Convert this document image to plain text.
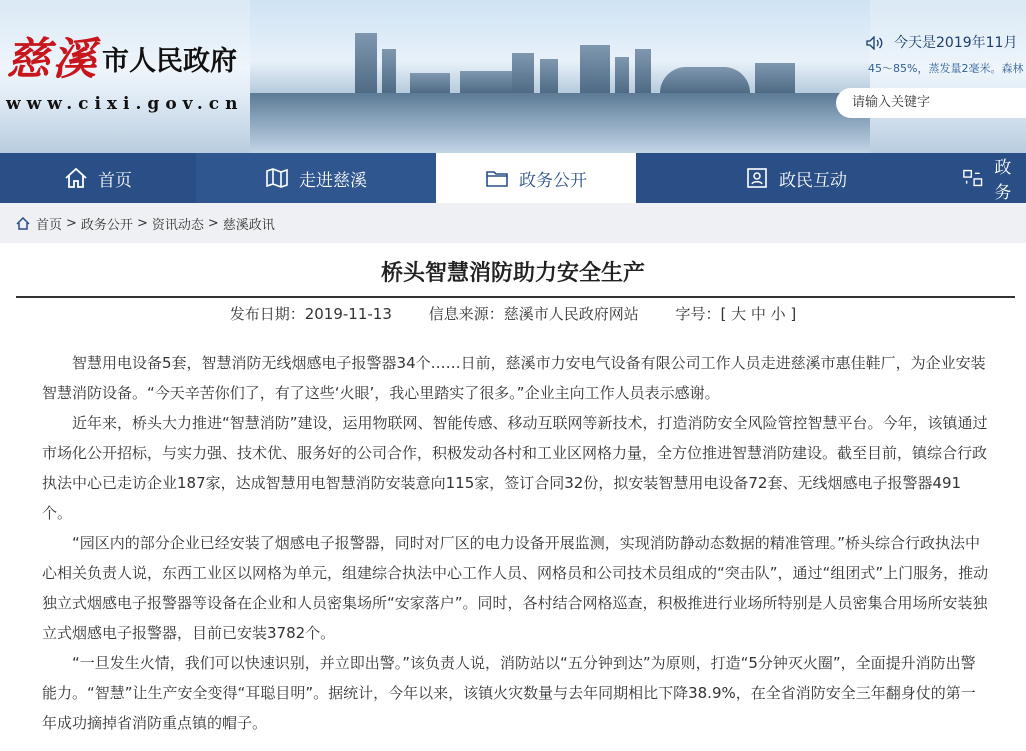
慈溪 市人民政府
www.cixi.gov.cn
今天是2019年11月
45～85%，蒸发量2毫米。森林
请输入关键字
首页	走进慈溪	政务公开	政民互动
政务
首页 > 政务公开 > 资讯动态 > 慈溪政讯
桥头智慧消防助力安全生产
发布日期：2019-11-13 信息来源：慈溪市人民政府网站 字号：[ 大 中 小 ]

智慧用电设备5套，智慧消防无线烟感电子报警器34个……日前，慈溪市力安电气设备有限公司工作人员走进慈溪市惠佳鞋厂，为企业安装智慧消防设备。“今天辛苦你们了，有了这些‘火眼’，我心里踏实了很多。”企业主向工作人员表示感谢。

近年来，桥头大力推进“智慧消防”建设，运用物联网、智能传感、移动互联网等新技术，打造消防安全风险管控智慧平台。今年，该镇通过市场化公开招标，与实力强、技术优、服务好的公司合作，积极发动各村和工业区网格力量，全方位推进智慧消防建设。截至目前，镇综合行政执法中心已走访企业187家，达成智慧用电智慧消防安装意向115家，签订合同32份，拟安装智慧用电设备72套、无线烟感电子报警器491个。

“园区内的部分企业已经安装了烟感电子报警器，同时对厂区的电力设备开展监测，实现消防静动态数据的精准管理。”桥头综合行政执法中心相关负责人说，东西工业区以网格为单元，组建综合执法中心工作人员、网格员和公司技术员组成的“突击队”，通过“组团式”上门服务，推动独立式烟感电子报警器等设备在企业和人员密集场所“安家落户”。同时，各村结合网格巡查，积极推进行业场所特别是人员密集合用场所安装独立式烟感电子报警器，目前已安装3782个。

“一旦发生火情，我们可以快速识别，并立即出警。”该负责人说，消防站以“五分钟到达”为原则，打造“5分钟灭火圈”，全面提升消防出警能力。“智慧”让生产安全变得“耳聪目明”。据统计，今年以来，该镇火灾数量与去年同期相比下降38.9%，在全省消防安全三年翻身仗的第一年成功摘掉省消防重点镇的帽子。
